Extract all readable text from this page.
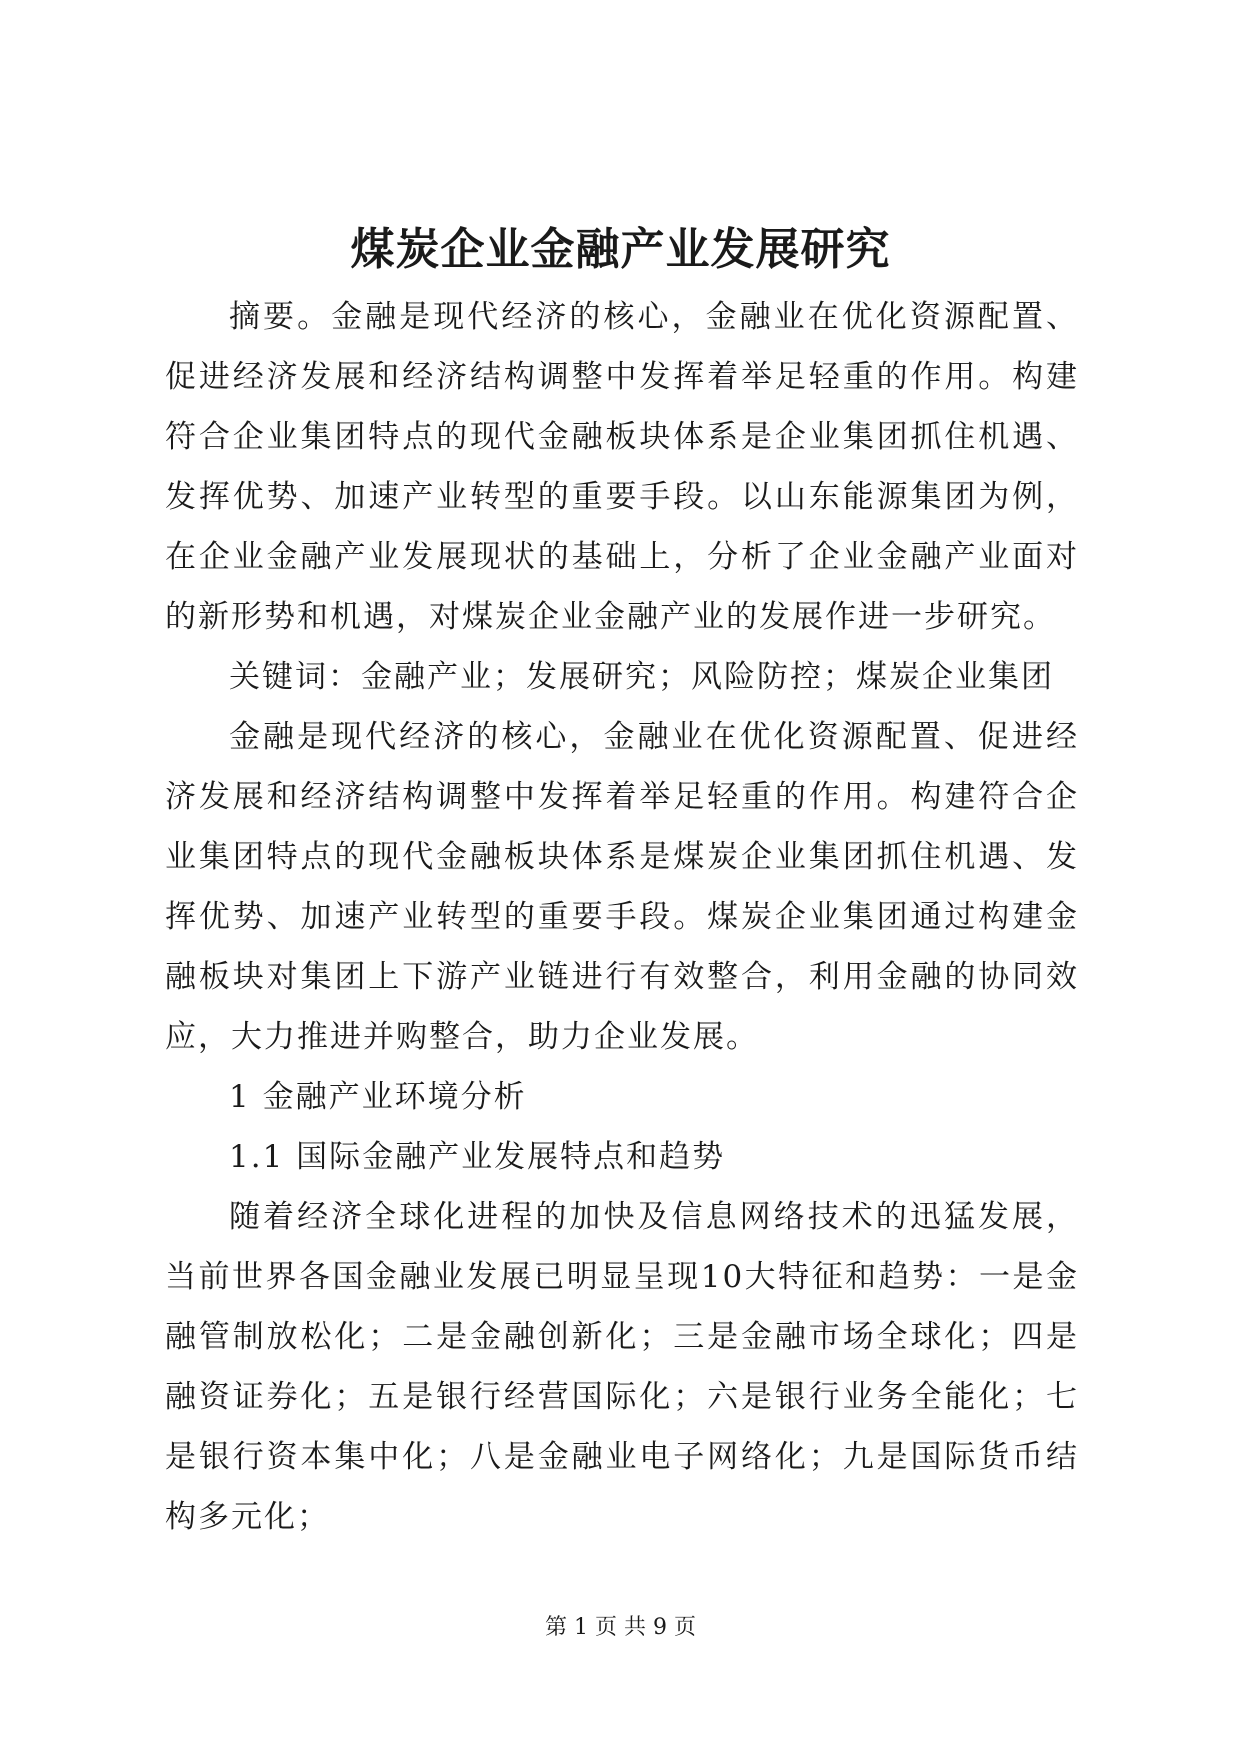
煤炭企业金融产业发展研究

摘要。金融是现代经济的核心，金融业在优化资源配置、促进经济发展和经济结构调整中发挥着举足轻重的作用。构建符合企业集团特点的现代金融板块体系是企业集团抓住机遇、发挥优势、加速产业转型的重要手段。以山东能源集团为例，在企业金融产业发展现状的基础上，分析了企业金融产业面对的新形势和机遇，对煤炭企业金融产业的发展作进一步研究。

关键词：金融产业；发展研究；风险防控；煤炭企业集团

金融是现代经济的核心，金融业在优化资源配置、促进经济发展和经济结构调整中发挥着举足轻重的作用。构建符合企业集团特点的现代金融板块体系是煤炭企业集团抓住机遇、发挥优势、加速产业转型的重要手段。煤炭企业集团通过构建金融板块对集团上下游产业链进行有效整合，利用金融的协同效应，大力推进并购整合，助力企业发展。

1 金融产业环境分析

1.1 国际金融产业发展特点和趋势

随着经济全球化进程的加快及信息网络技术的迅猛发展，当前世界各国金融业发展已明显呈现10大特征和趋势：一是金融管制放松化；二是金融创新化；三是金融市场全球化；四是融资证券化；五是银行经营国际化；六是银行业务全能化；七是银行资本集中化；八是金融业电子网络化；九是国际货币结构多元化；

第 1 页 共 9 页
